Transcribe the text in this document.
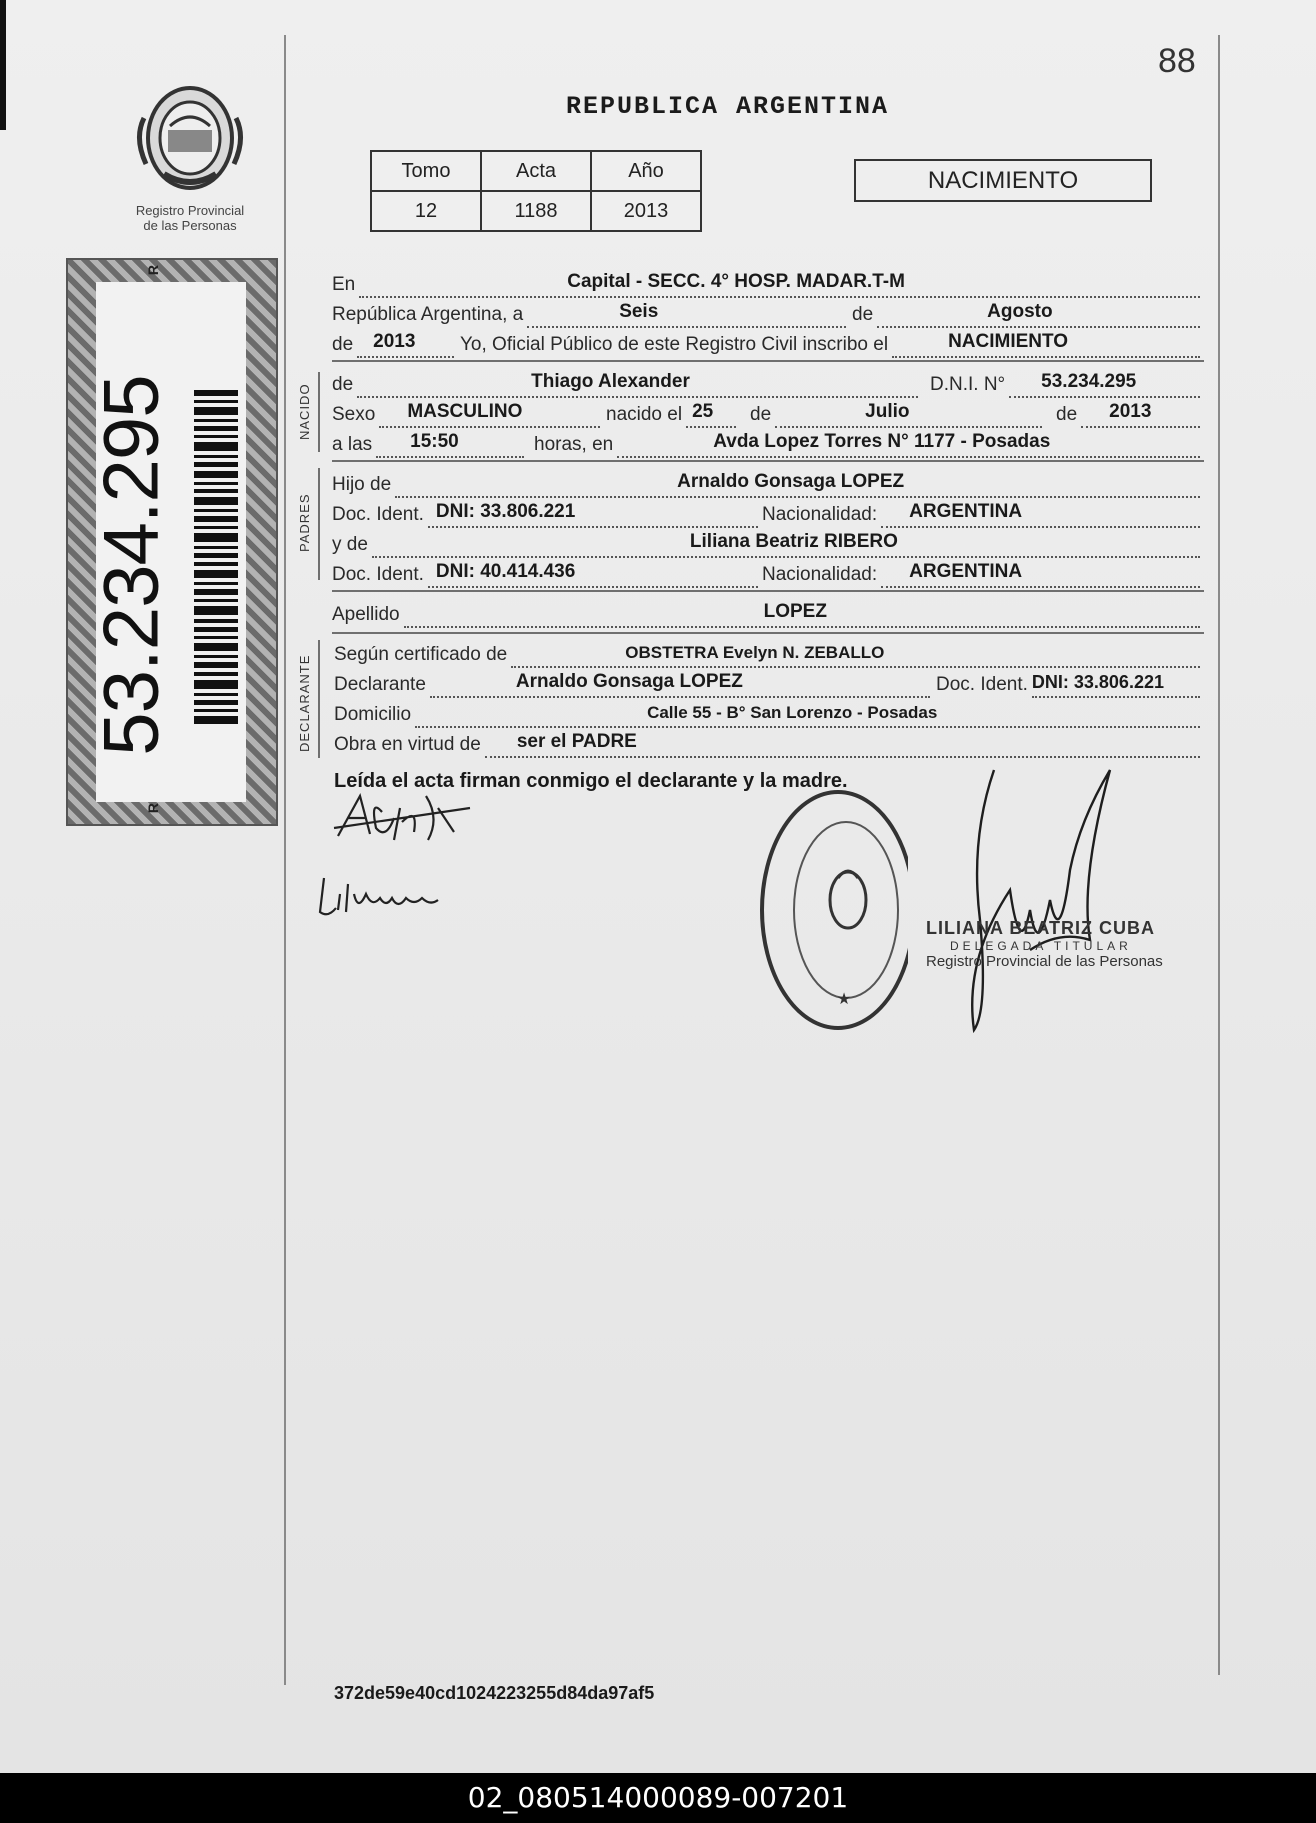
88
REPUBLICA ARGENTINA
Registro Provincial
de las Personas
53.234.295
R
R
Tomo	Acta	Año
12	1188	2013
NACIMIENTO
En	Capital - SECC. 4° HOSP. MADAR.T-M
República Argentina, a	Seis	de	Agosto
de 2013 Yo, Oficial Público de este Registro Civil inscribo el	NACIMIENTO
NACIDO de	Thiago Alexander	D.N.I. N° 53.234.295
Sexo MASCULINO	nacido el 25 de	Julio	de 2013
a las 15:50	horas, en	Avda Lopez Torres N° 1177 - Posadas
PADRES
Hijo de	Arnaldo Gonsaga LOPEZ
Doc. Ident. DNI: 33.806.221	Nacionalidad: ARGENTINA
y de	Liliana Beatriz RIBERO
Doc. Ident. DNI: 40.414.436	Nacionalidad: ARGENTINA
Apellido	LOPEZ
DECLARANTE
Según certificado de	OBSTETRA Evelyn N. ZEBALLO
Declarante	Arnaldo Gonsaga LOPEZ	Doc. Ident. DNI: 33.806.221
Domicilio	Calle 55 - B° San Lorenzo - Posadas
Obra en virtud de ser el PADRE
Leída el acta firman conmigo el declarante y la madre.
★
LILIANA BEATRIZ CUBA
DELEGADA TITULAR
Registro Provincial de las Personas
372de59e40cd1024223255d84da97af5
02_080514000089-007201
